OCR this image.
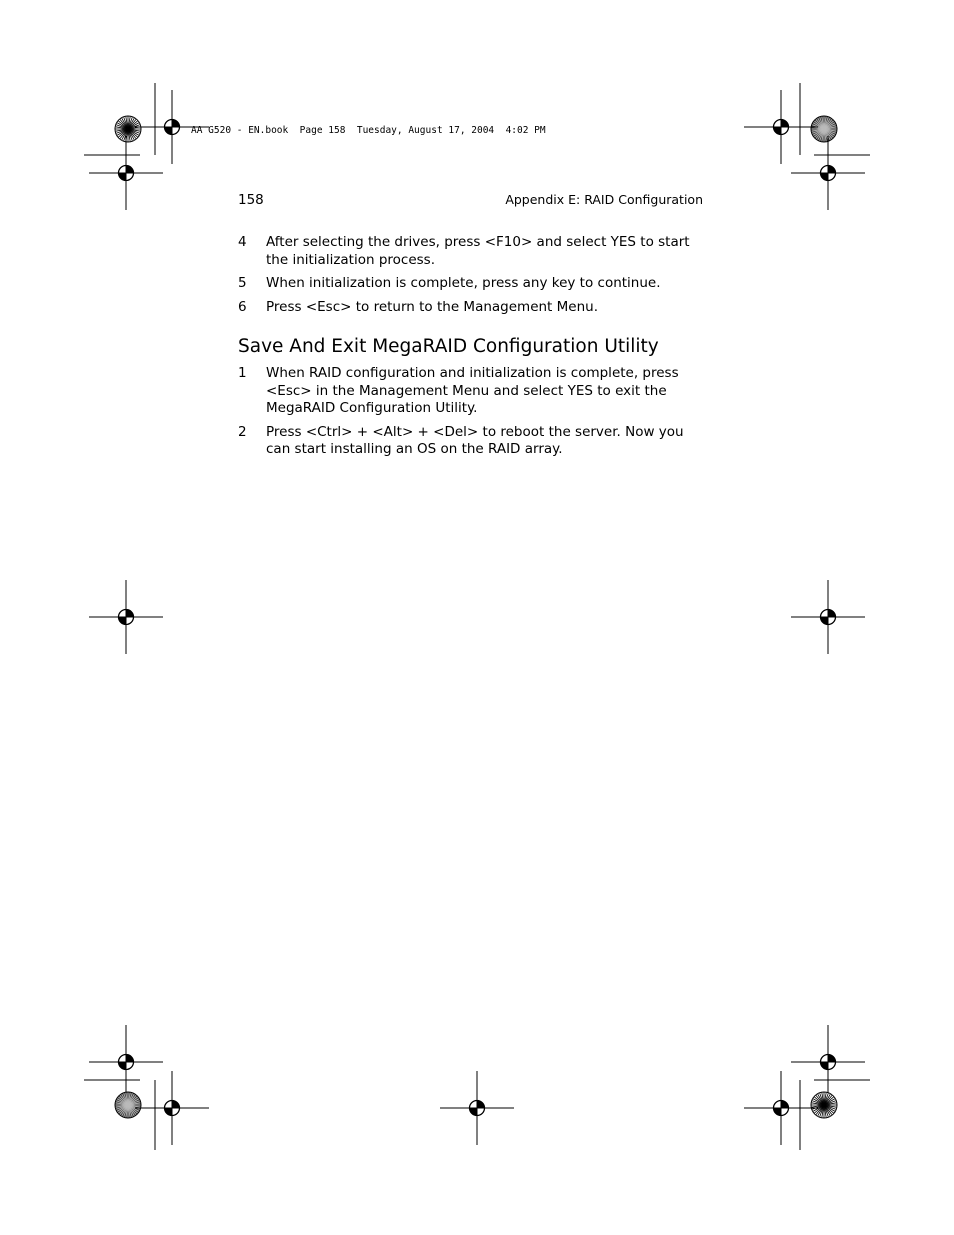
AA G520 - EN.book  Page 158  Tuesday, August 17, 2004  4:02 PM
158	Appendix E: RAID Configuration
4	After selecting the drives, press <F10> and select YES to start the initialization process.
5	When initialization is complete, press any key to continue.
6	Press <Esc> to return to the Management Menu.
Save And Exit MegaRAID Configuration Utility
1	When RAID configuration and initialization is complete, press <Esc> in the Management Menu and select YES to exit the MegaRAID Configuration Utility.
2	Press <Ctrl> + <Alt> + <Del> to reboot the server. Now you can start installing an OS on the RAID array.
